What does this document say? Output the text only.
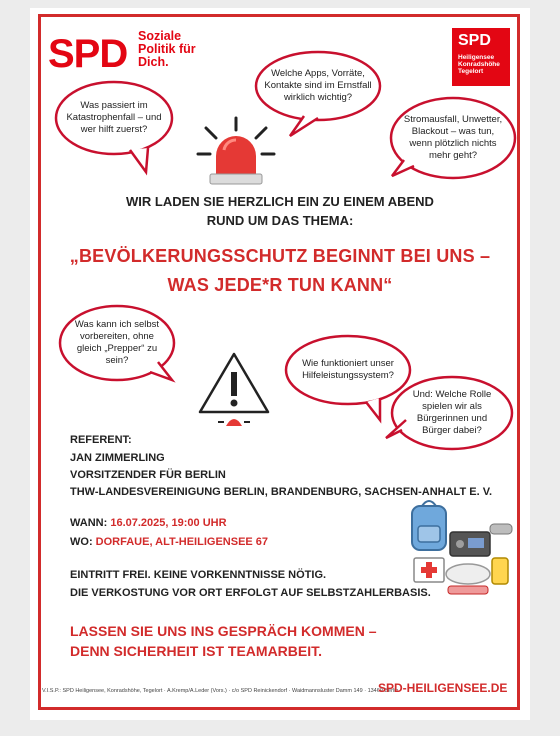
SPD Soziale
Politik für
Dich.
SPD
Heiligensee
Konradshöhe
Tegelort
Was passiert im Katastrophenfall – und wer hilft zuerst?
Welche Apps, Vorräte, Kontakte sind im Ernstfall wirklich wichtig?
Stromausfall, Unwetter, Blackout – was tun, wenn plötzlich nichts mehr geht?
Was kann ich selbst vorbereiten, ohne gleich „Prepper“ zu sein?	Wie funktioniert unser Hilfeleistungssystem?
Und: Welche Rolle spielen wir als Bürgerinnen und Bürger dabei?
WIR LADEN SIE HERZLICH EIN ZU EINEM ABEND
RUND UM DAS THEMA:
„BEVÖLKERUNGSSCHUTZ BEGINNT BEI UNS –
WAS JEDE*R TUN KANN“
REFERENT:
JAN ZIMMERLING
VORSITZENDER FÜR BERLIN
THW-LANDESVEREINIGUNG BERLIN, BRANDENBURG, SACHSEN-ANHALT E. V.
WANN: 16.07.2025, 19:00 UHR
WO: DORFAUE, ALT-HEILIGENSEE 67
EINTRITT FREI. KEINE VORKENNTNISSE NÖTIG.
DIE VERKOSTUNG VOR ORT ERFOLGT AUF SELBSTZAHLERBASIS.
LASSEN SIE UNS INS GESPRÄCH KOMMEN –
DENN SICHERHEIT IST TEAMARBEIT.
V.I.S.P.: SPD Heiligensee, Konradshöhe, Tegelort · A.Kremp/A.Leder (Vors.) · c/o SPD Reinickendorf · Waidmannsluster Damm 149 · 13469 Berlin
SPD-HEILIGENSEE.DE
